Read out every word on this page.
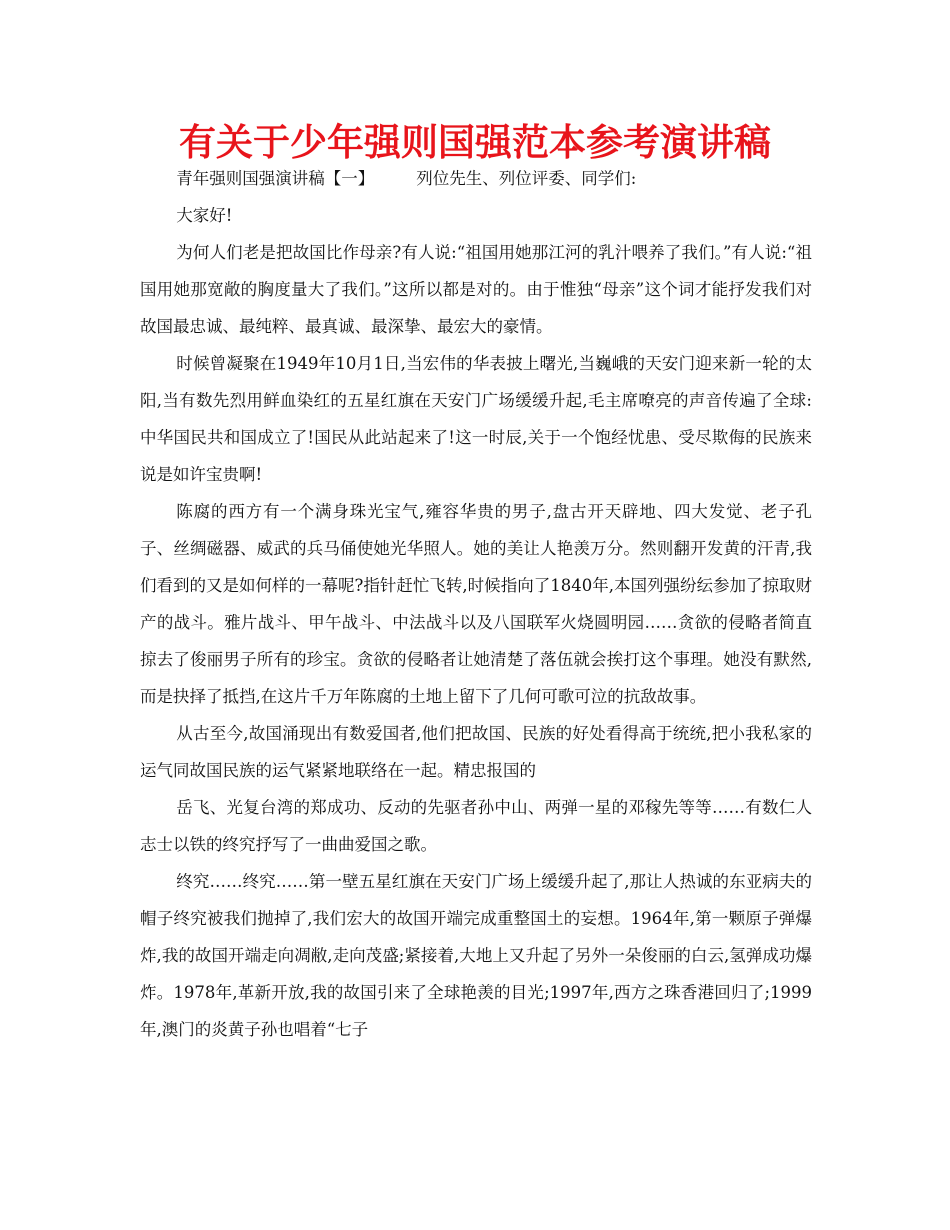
有关于少年强则国强范本参考演讲稿

青年强则国强演讲稿【一】        列位先生、列位评委、同学们:

大家好!

为何人们老是把故国比作母亲?有人说:“祖国用她那江河的乳汁喂养了我们。”有人说:“祖国用她那宽敞的胸度量大了我们。”这所以都是对的。由于惟独“母亲”这个词才能抒发我们对故国最忠诚、最纯粹、最真诚、最深挚、最宏大的豪情。

时候曾凝聚在1949年10月1日,当宏伟的华表披上曙光,当巍峨的天安门迎来新一轮的太阳,当有数先烈用鲜血染红的五星红旗在天安门广场缓缓升起,毛主席嘹亮的声音传遍了全球:中华国民共和国成立了!国民从此站起来了!这一时辰,关于一个饱经忧患、受尽欺侮的民族来说是如许宝贵啊!

陈腐的西方有一个满身珠光宝气,雍容华贵的男子,盘古开天辟地、四大发觉、老子孔子、丝绸磁器、威武的兵马俑使她光华照人。她的美让人艳羡万分。然则翻开发黄的汗青,我们看到的又是如何样的一幕呢?指针赶忙飞转,时候指向了1840年,本国列强纷纭参加了掠取财产的战斗。雅片战斗、甲午战斗、中法战斗以及八国联军火烧圆明园……贪欲的侵略者简直掠去了俊丽男子所有的珍宝。贪欲的侵略者让她清楚了落伍就会挨打这个事理。她没有默然,而是抉择了抵挡,在这片千万年陈腐的土地上留下了几何可歌可泣的抗敌故事。

从古至今,故国涌现出有数爱国者,他们把故国、民族的好处看得高于统统,把小我私家的运气同故国民族的运气紧紧地联络在一起。精忠报国的

岳飞、光复台湾的郑成功、反动的先驱者孙中山、两弹一星的邓稼先等等……有数仁人志士以铁的终究抒写了一曲曲爱国之歌。

终究……终究……第一壁五星红旗在天安门广场上缓缓升起了,那让人热诚的东亚病夫的帽子终究被我们抛掉了,我们宏大的故国开端完成重整国土的妄想。1964年,第一颗原子弹爆炸,我的故国开端走向凋敝,走向茂盛;紧接着,大地上又升起了另外一朵俊丽的白云,氢弹成功爆炸。1978年,革新开放,我的故国引来了全球艳羡的目光;1997年,西方之珠香港回归了;1999年,澳门的炎黄子孙也唱着“七子
